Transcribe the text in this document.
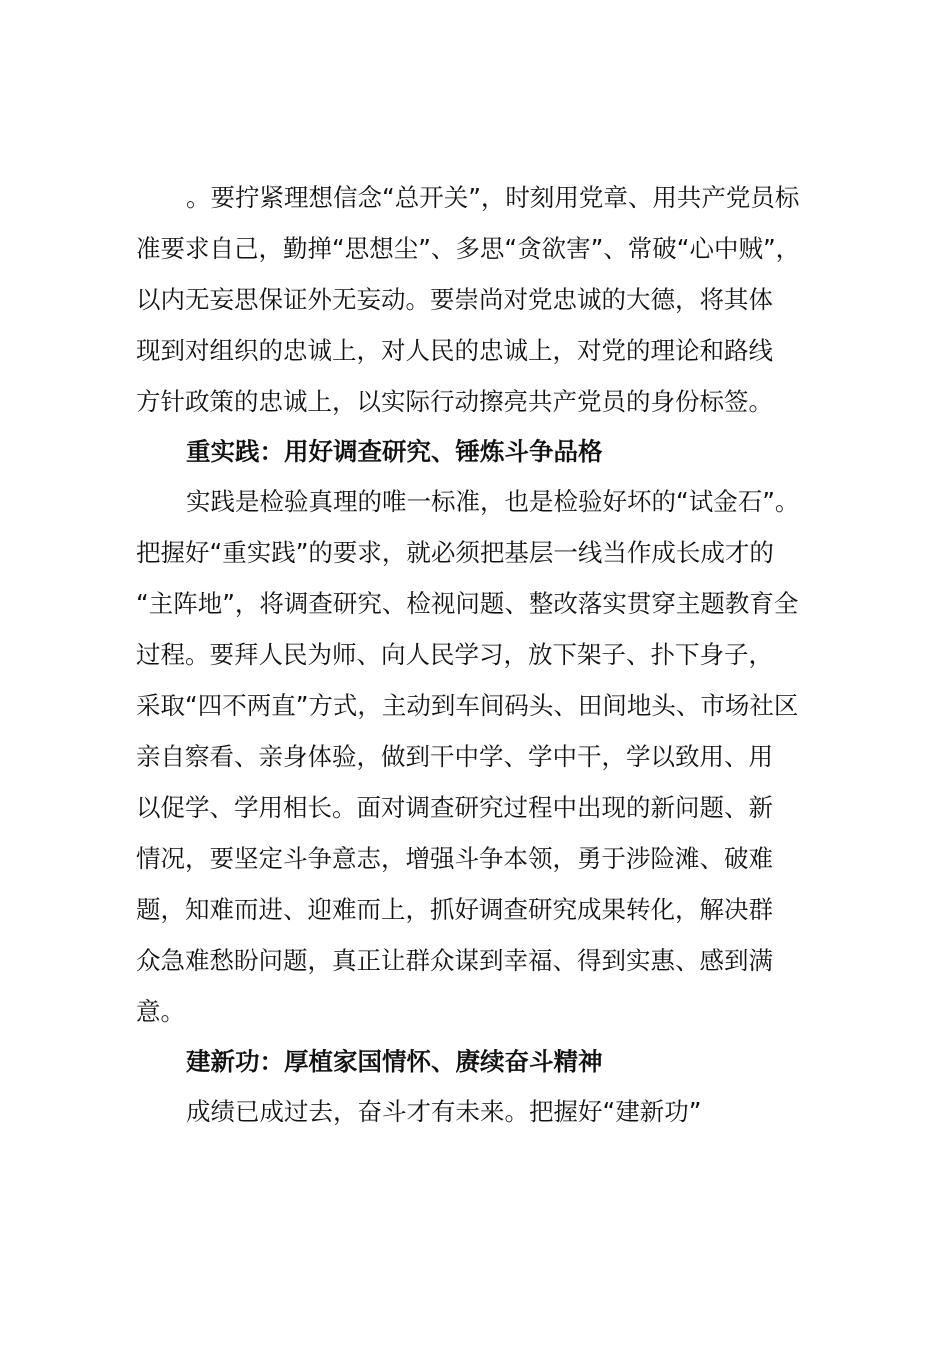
。要拧紧理想信念“总开关”，时刻用党章、用共产党员标
准要求自己，勤掸“思想尘”、多思“贪欲害”、常破“心中贼”，
以内无妄思保证外无妄动。要崇尚对党忠诚的大德，将其体
现到对组织的忠诚上，对人民的忠诚上，对党的理论和路线
方针政策的忠诚上，以实际行动擦亮共产党员的身份标签。
重实践：用好调查研究、锤炼斗争品格
实践是检验真理的唯一标准，也是检验好坏的“试金石”。
把握好“重实践”的要求，就必须把基层一线当作成长成才的
“主阵地”，将调查研究、检视问题、整改落实贯穿主题教育全
过程。要拜人民为师、向人民学习，放下架子、扑下身子，
采取“四不两直”方式，主动到车间码头、田间地头、市场社区
亲自察看、亲身体验，做到干中学、学中干，学以致用、用
以促学、学用相长。面对调查研究过程中出现的新问题、新
情况，要坚定斗争意志，增强斗争本领，勇于涉险滩、破难
题，知难而进、迎难而上，抓好调查研究成果转化，解决群
众急难愁盼问题，真正让群众谋到幸福、得到实惠、感到满
意。
建新功：厚植家国情怀、赓续奋斗精神
成绩已成过去，奋斗才有未来。把握好“建新功”
